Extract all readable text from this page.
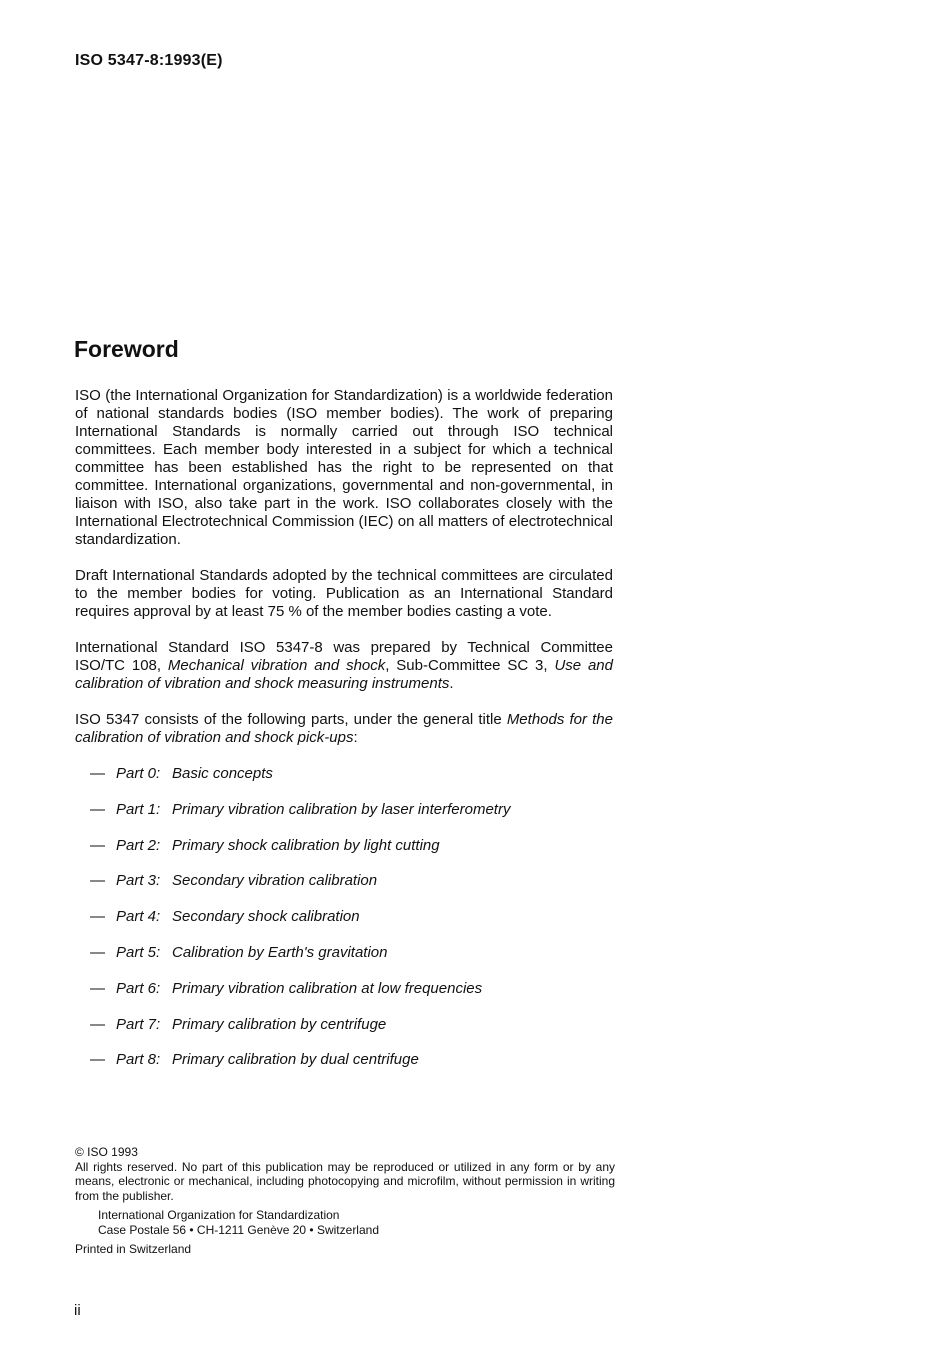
ISO 5347-8:1993(E)
Foreword

ISO (the International Organization for Standardization) is a worldwide federation of national standards bodies (ISO member bodies). The work of preparing International Standards is normally carried out through ISO technical committees. Each member body interested in a subject for which a technical committee has been established has the right to be represented on that committee. International organizations, governmental and non-governmental, in liaison with ISO, also take part in the work. ISO collaborates closely with the International Electrotechnical Commission (IEC) on all matters of electrotechnical standardization.

Draft International Standards adopted by the technical committees are circulated to the member bodies for voting. Publication as an International Standard requires approval by at least 75 % of the member bodies casting a vote.

International Standard ISO 5347-8 was prepared by Technical Committee ISO/TC 108, Mechanical vibration and shock, Sub-Committee SC 3, Use and calibration of vibration and shock measuring instruments.

ISO 5347 consists of the following parts, under the general title Methods for the calibration of vibration and shock pick-ups:

— Part 0: Basic concepts
— Part 1: Primary vibration calibration by laser interferometry
— Part 2: Primary shock calibration by light cutting
— Part 3: Secondary vibration calibration
— Part 4: Secondary shock calibration
— Part 5: Calibration by Earth's gravitation
— Part 6: Primary vibration calibration at low frequencies
— Part 7: Primary calibration by centrifuge
— Part 8: Primary calibration by dual centrifuge
© ISO 1993

All rights reserved. No part of this publication may be reproduced or utilized in any form or by any means, electronic or mechanical, including photocopying and microfilm, without permission in writing from the publisher.

International Organization for Standardization
Case Postale 56 • CH-1211 Genève 20 • Switzerland
Printed in Switzerland
ii
